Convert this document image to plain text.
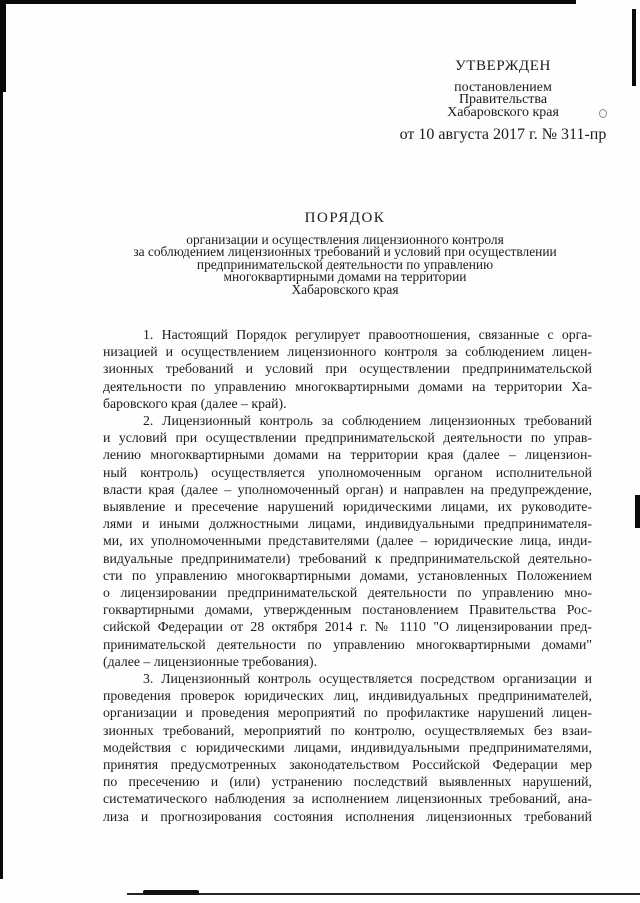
УТВЕРЖДЕН
постановлением
Правительства
Хабаровского края
от 10 августа 2017 г. № 311-пр
ПОРЯДОК
организации и осуществления лицензионного контроля
за соблюдением лицензионных требований и условий при осуществлении
предпринимательской деятельности по управлению
многоквартирными домами на территории
Хабаровского края
1. Настоящий Порядок регулирует правоотношения, связанные с орга-
низацией и осуществлением лицензионного контроля за соблюдением лицен-
зионных требований и условий при осуществлении предпринимательской
деятельности по управлению многоквартирными домами на территории Ха-
баровского края (далее – край).
2. Лицензионный контроль за соблюдением лицензионных требований
и условий при осуществлении предпринимательской деятельности по управ-
лению многоквартирными домами на территории края (далее – лицензион-
ный контроль) осуществляется уполномоченным органом исполнительной
власти края (далее – уполномоченный орган) и направлен на предупреждение,
выявление и пресечение нарушений юридическими лицами, их руководите-
лями и иными должностными лицами, индивидуальными предпринимателя-
ми, их уполномоченными представителями (далее – юридические лица, инди-
видуальные предприниматели) требований к предпринимательской деятельно-
сти по управлению многоквартирными домами, установленных Положением
о лицензировании предпринимательской деятельности по управлению мно-
гоквартирными домами, утвержденным постановлением Правительства Рос-
сийской Федерации от 28 октября 2014 г. № 1110 "О лицензировании пред-
принимательской деятельности по управлению многоквартирными домами"
(далее – лицензионные требования).
3. Лицензионный контроль осуществляется посредством организации и
проведения проверок юридических лиц, индивидуальных предпринимателей,
организации и проведения мероприятий по профилактике нарушений лицен-
зионных требований, мероприятий по контролю, осуществляемых без взаи-
модействия с юридическими лицами, индивидуальными предпринимателями,
принятия предусмотренных законодательством Российской Федерации мер
по пресечению и (или) устранению последствий выявленных нарушений,
систематического наблюдения за исполнением лицензионных требований, ана-
лиза и прогнозирования состояния исполнения лицензионных требований
